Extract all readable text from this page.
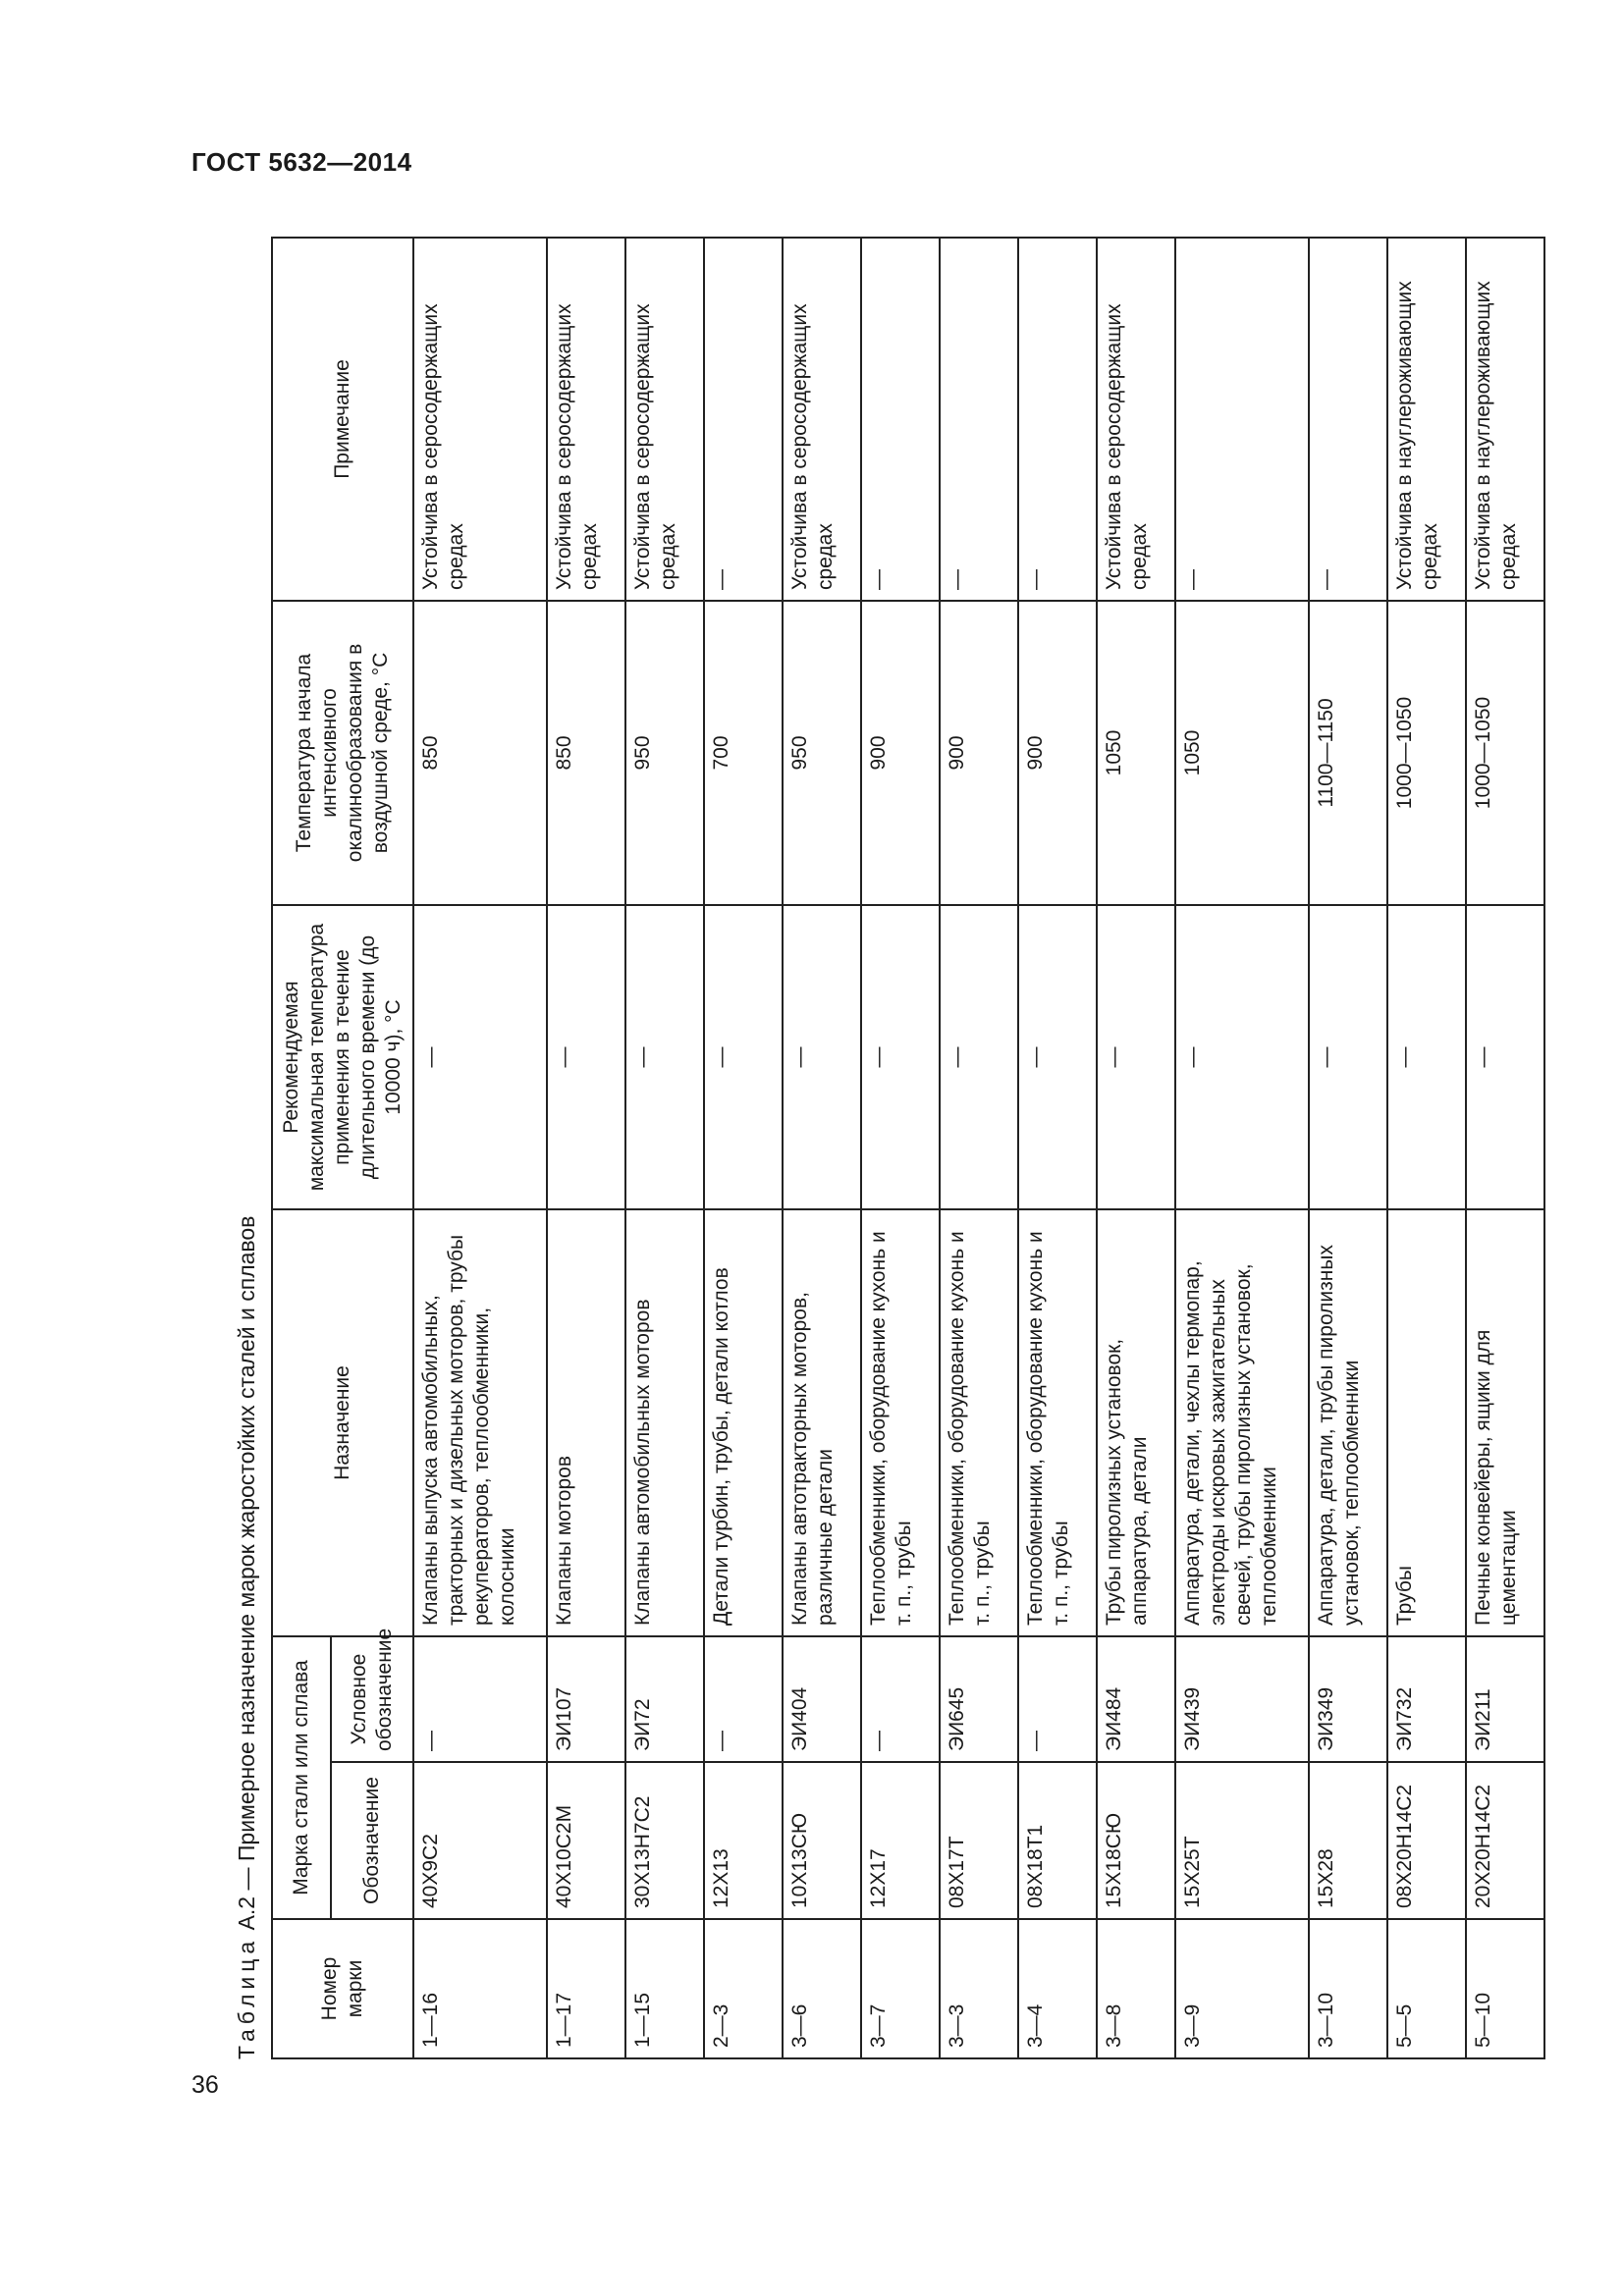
ГОСТ 5632—2014
36
Таблица А.2 — Примерное назначение марок жаростойких сталей и сплавов
Номер марки	Марка стали или сплава		Назначение	Рекомендуемая максимальная температура применения в течение длительного времени (до 10000 ч), °С	Температура начала интенсивного окалинообразования в воздушной среде, °С	Примечание
	Обозначение	Условное обозначение				
1—16	40Х9С2	—	Клапаны выпуска автомобильных, тракторных и дизельных моторов, трубы рекуператоров, теплообменники, колосники	—	850	Устойчива в серосодержащих средах
1—17	40Х10С2М	ЭИ107	Клапаны моторов	—	850	Устойчива в серосодержащих средах
1—15	30Х13Н7С2	ЭИ72	Клапаны автомобильных моторов	—	950	Устойчива в серосодержащих средах
2—3	12Х13	—	Детали турбин, трубы, детали котлов	—	700	—
3—6	10Х13СЮ	ЭИ404	Клапаны автотракторных моторов, различные детали	—	950	Устойчива в серосодержащих средах
3—7	12Х17	—	Теплообменники, оборудование кухонь и т. п., трубы	—	900	—
3—3	08Х17Т	ЭИ645	Теплообменники, оборудование кухонь и т. п., трубы	—	900	—
3—4	08Х18Т1	—	Теплообменники, оборудование кухонь и т. п., трубы	—	900	—
3—8	15Х18СЮ	ЭИ484	Трубы пиролизных установок, аппаратура, детали	—	1050	Устойчива в серосодержащих средах
3—9	15Х25Т	ЭИ439	Аппаратура, детали, чехлы термопар, электроды искровых зажигательных свечей, трубы пиролизных установок, теплообменники	—	1050	—
3—10	15Х28	ЭИ349	Аппаратура, детали, трубы пиролизных установок, теплообменники	—	1100—1150	—
5—5	08Х20Н14С2	ЭИ732	Трубы	—	1000—1050	Устойчива в науглероживающих средах
5—10	20Х20Н14С2	ЭИ211	Печные конвейеры, ящики для цементации	—	1000—1050	Устойчива в науглероживающих средах
